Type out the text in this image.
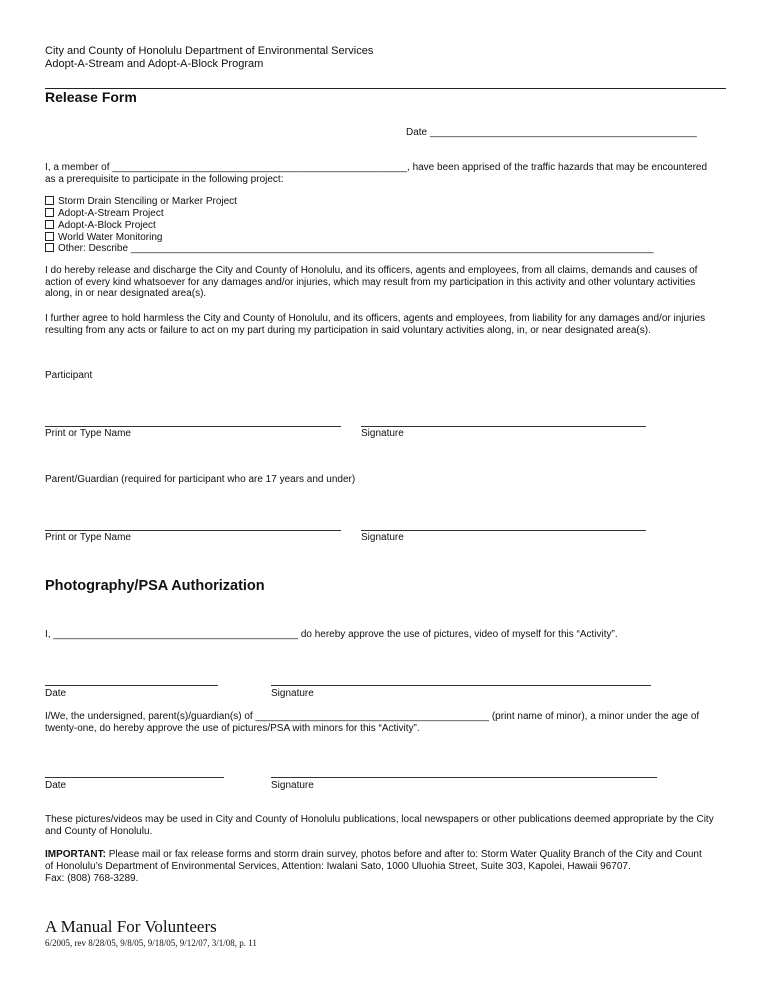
City and County of Honolulu Department of Environmental Services
Adopt-A-Stream and Adopt-A-Block Program
Release Form
Date ________________________________________________
I, a member of _____________________________________________________, have been apprised of the traffic hazards that may be encountered
as a prerequisite to participate in the following project:
Storm Drain Stenciling or Marker Project
Adopt-A-Stream Project
Adopt-A-Block Project
World Water Monitoring
Other: Describe ______________________________________________________________________________________________
I do hereby release and discharge the City and County of Honolulu, and its officers, agents and employees, from all claims, demands and causes of
action of every kind whatsoever for any damages and/or injuries, which may result from my participation in this activity and other voluntary activities
along, in or near designated area(s).
I further agree to hold harmless the City and County of Honolulu, and its officers, agents and employees, from liability for any damages and/or injuries
resulting from any acts or failure to act on my part during my participation in said voluntary activities along, in, or near designated area(s).
Participant
Print or Type Name	Signature
Parent/Guardian (required for participant who are 17 years and under)
Print or Type Name	Signature
Photography/PSA Authorization
I, ____________________________________________ do hereby approve the use of pictures, video of myself for this “Activity”.
Date	Signature
I/We, the undersigned, parent(s)/guardian(s) of __________________________________________ (print name of minor), a minor under the age of
twenty-one, do hereby approve the use of pictures/PSA with minors for this “Activity”.
Date	Signature
These pictures/videos may be used in City and County of Honolulu publications, local newspapers or other publications deemed appropriate by the City
and County of Honolulu.
IMPORTANT: Please mail or fax release forms and storm drain survey, photos before and after to: Storm Water Quality Branch of the City and Count
of Honolulu’s Department of Environmental Services, Attention: Iwalani Sato, 1000 Uluohia Street, Suite 303, Kapolei, Hawaii 96707.
Fax: (808) 768-3289.
A Manual For Volunteers
6/2005, rev 8/28/05, 9/8/05, 9/18/05, 9/12/07, 3/1/08, p. 11
